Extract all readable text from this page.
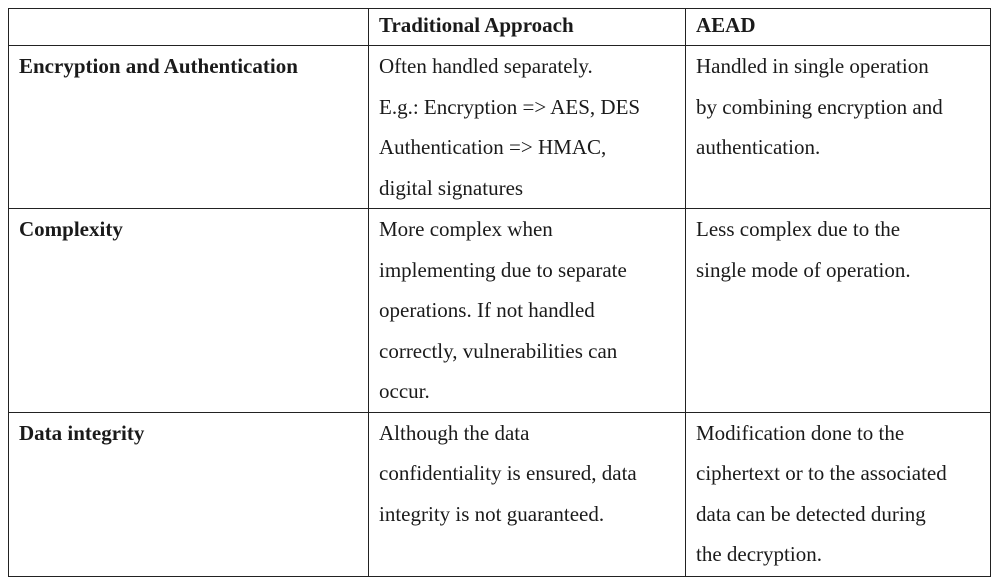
	Traditional Approach	AEAD

Encryption and Authentication	Often handled separately.
E.g.: Encryption => AES, DES
Authentication => HMAC,
digital signatures	Handled in single operation
by combining encryption and
authentication.

Complexity	More complex when
implementing due to separate
operations. If not handled
correctly, vulnerabilities can
occur.	Less complex due to the
single mode of operation.

Data integrity	Although the data
confidentiality is ensured, data
integrity is not guaranteed.	Modification done to the
ciphertext or to the associated
data can be detected during
the decryption.
